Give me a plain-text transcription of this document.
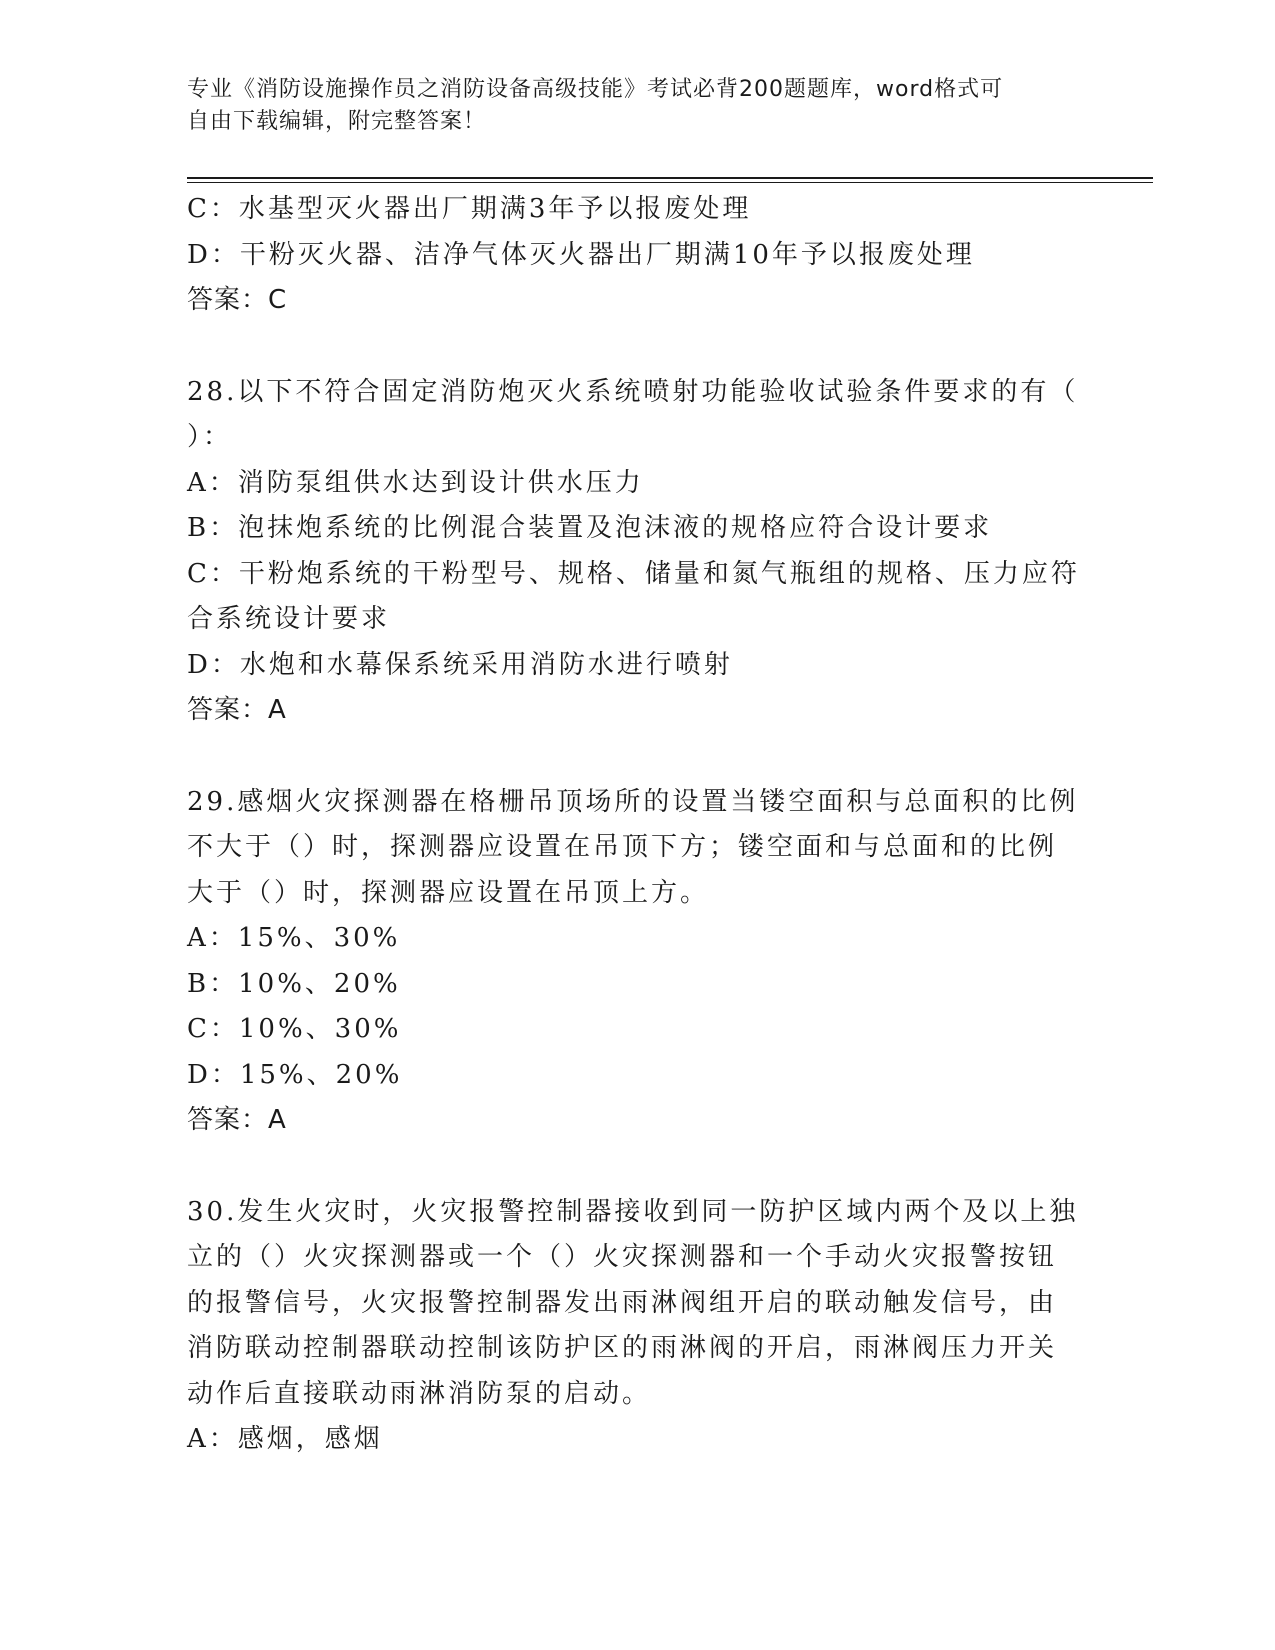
专业《消防设施操作员之消防设备高级技能》考试必背200题题库，word格式可
自由下载编辑，附完整答案！
C：水基型灭火器出厂期满3年予以报废处理
D：干粉灭火器、洁净气体灭火器出厂期满10年予以报废处理
答案：C
28.以下不符合固定消防炮灭火系统喷射功能验收试验条件要求的有（
）：
A：消防泵组供水达到设计供水压力
B：泡抹炮系统的比例混合装置及泡沫液的规格应符合设计要求
C：干粉炮系统的干粉型号、规格、储量和氮气瓶组的规格、压力应符
合系统设计要求
D：水炮和水幕保系统采用消防水进行喷射
答案：A
29.感烟火灾探测器在格栅吊顶场所的设置当镂空面积与总面积的比例
不大于（）时，探测器应设置在吊顶下方；镂空面和与总面和的比例
大于（）时，探测器应设置在吊顶上方。
A：15%、30%
B：10%、20%
C：10%、30%
D：15%、20%
答案：A
30.发生火灾时，火灾报警控制器接收到同一防护区域内两个及以上独
立的（）火灾探测器或一个（）火灾探测器和一个手动火灾报警按钮
的报警信号，火灾报警控制器发出雨淋阀组开启的联动触发信号，由
消防联动控制器联动控制该防护区的雨淋阀的开启，雨淋阀压力开关
动作后直接联动雨淋消防泵的启动。
A：感烟，感烟
